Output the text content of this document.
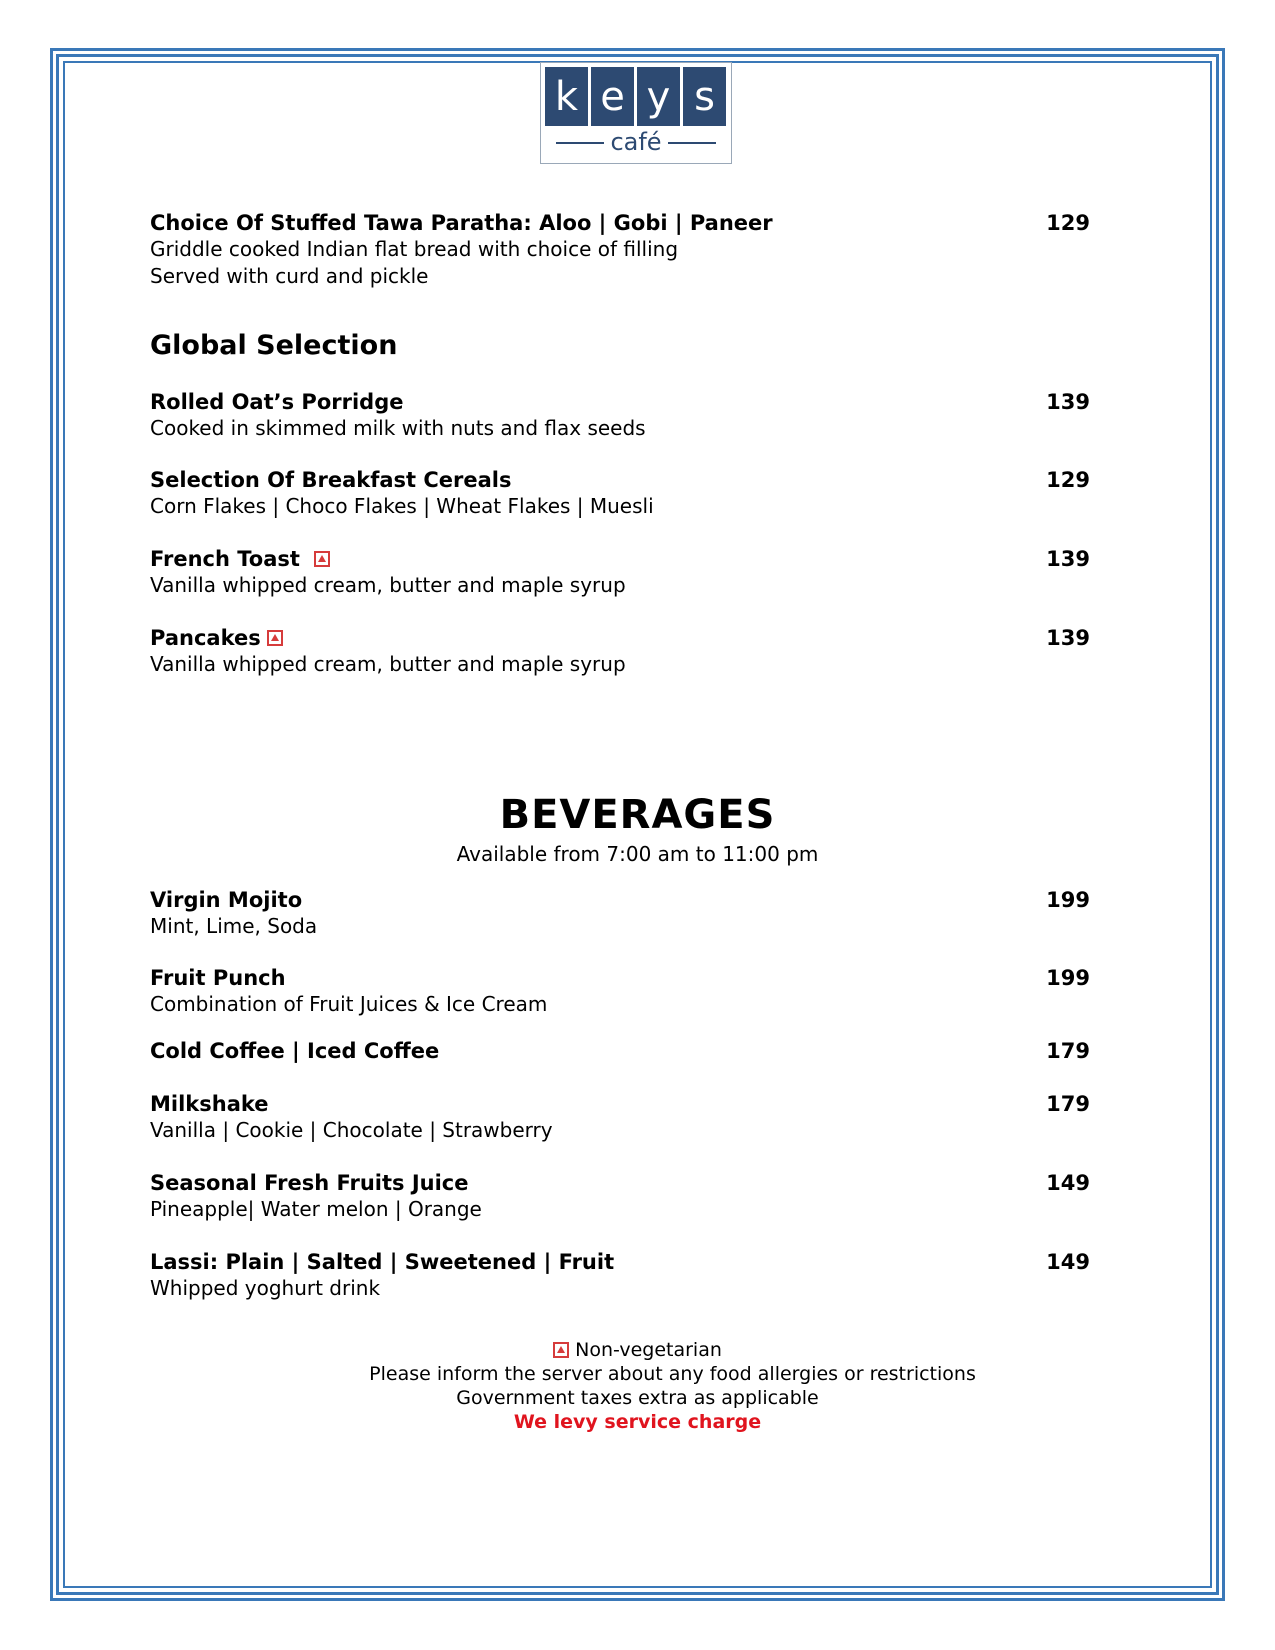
k e y s
café
Choice Of Stuffed Tawa Paratha: Aloo | Gobi | Paneer
Griddle cooked Indian flat bread with choice of filling
Served with curd and pickle
129
Global Selection
Rolled Oat’s Porridge
Cooked in skimmed milk with nuts and flax seeds
139
Selection Of Breakfast Cereals
Corn Flakes | Choco Flakes | Wheat Flakes | Muesli
129
French Toast
Vanilla whipped cream, butter and maple syrup
139
Pancakes
Vanilla whipped cream, butter and maple syrup
139
BEVERAGES
Available from 7:00 am to 11:00 pm
Virgin Mojito
Mint, Lime, Soda
199
Fruit Punch
Combination of Fruit Juices & Ice Cream
199
Cold Coffee | Iced Coffee	179
Milkshake
Vanilla | Cookie | Chocolate | Strawberry
179
Seasonal Fresh Fruits Juice
Pineapple| Water melon | Orange
149
Lassi: Plain | Salted | Sweetened | Fruit
Whipped yoghurt drink
149
Non-vegetarian
Please inform the server about any food allergies or restrictions
Government taxes extra as applicable
We levy service charge
